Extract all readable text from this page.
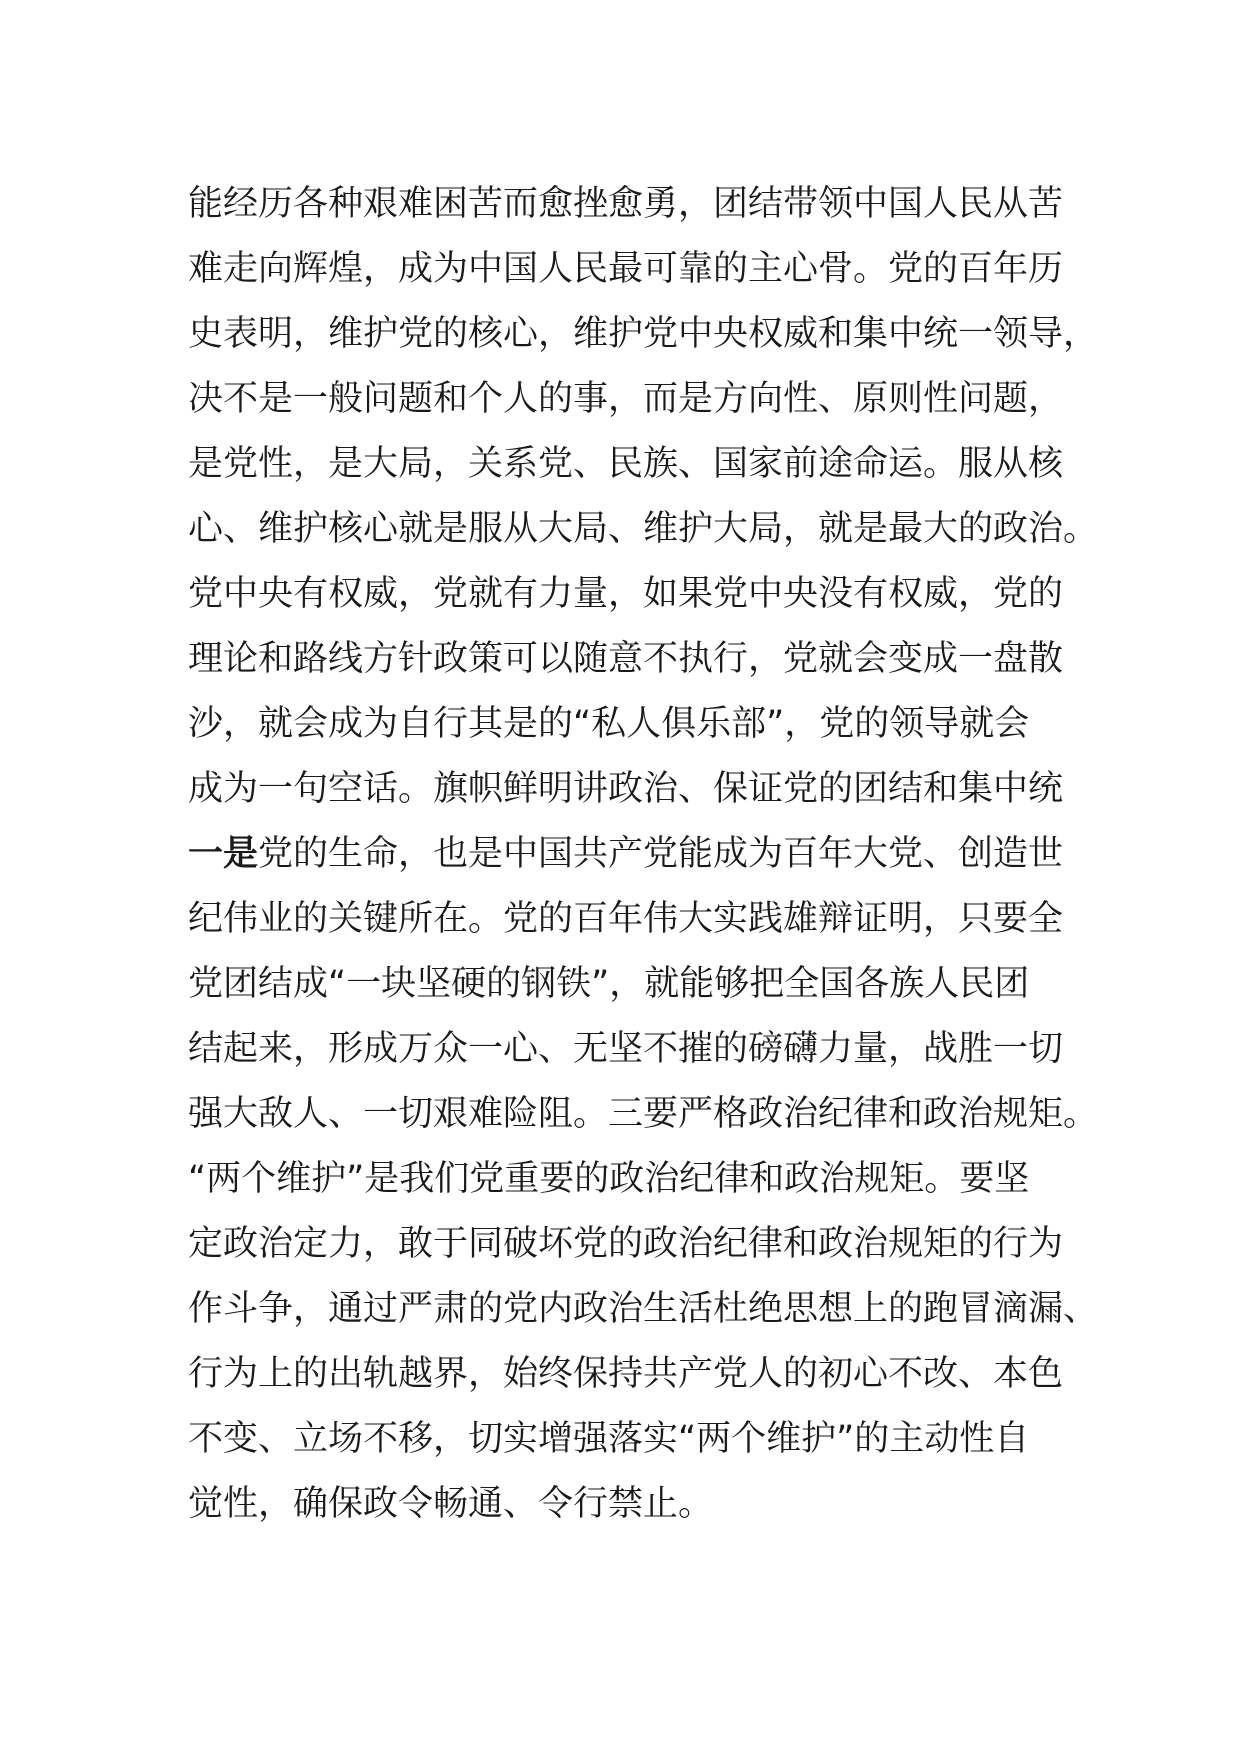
能经历各种艰难困苦而愈挫愈勇，团结带领中国人民从苦
难走向辉煌，成为中国人民最可靠的主心骨。党的百年历
史表明，维护党的核心，维护党中央权威和集中统一领导，
决不是一般问题和个人的事，而是方向性、原则性问题，
是党性，是大局，关系党、民族、国家前途命运。服从核
心、维护核心就是服从大局、维护大局，就是最大的政治。
党中央有权威，党就有力量，如果党中央没有权威，党的
理论和路线方针政策可以随意不执行，党就会变成一盘散
沙，就会成为自行其是的“私人俱乐部”，党的领导就会
成为一句空话。旗帜鲜明讲政治、保证党的团结和集中统
一是党的生命，也是中国共产党能成为百年大党、创造世
纪伟业的关键所在。党的百年伟大实践雄辩证明，只要全
党团结成“一块坚硬的钢铁”，就能够把全国各族人民团
结起来，形成万众一心、无坚不摧的磅礴力量，战胜一切
强大敌人、一切艰难险阻。三要严格政治纪律和政治规矩。
“两个维护”是我们党重要的政治纪律和政治规矩。要坚
定政治定力，敢于同破坏党的政治纪律和政治规矩的行为
作斗争，通过严肃的党内政治生活杜绝思想上的跑冒滴漏、
行为上的出轨越界，始终保持共产党人的初心不改、本色
不变、立场不移，切实增强落实“两个维护”的主动性自
觉性，确保政令畅通、令行禁止。
